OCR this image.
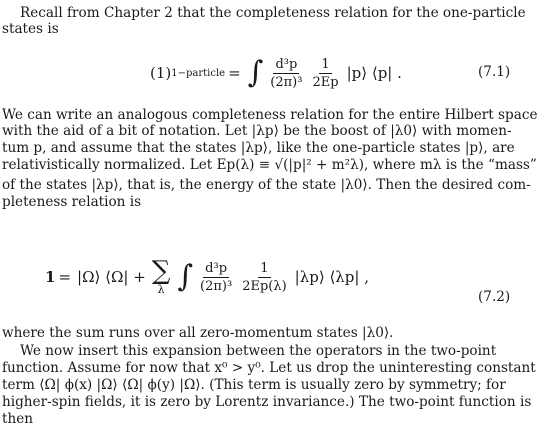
Recall from Chapter 2 that the completeness relation for the one-particle

states is

(1) 1−particle = ∫ $\frac{\text{d³p}}{\text{(2π)³}} \frac{1}{2Ep}$ |p⟩ ⟨p| .	(7.1)

We can write an analogous completeness relation for the entire Hilbert space

with the aid of a bit of notation. Let |λp⟩ be the boost of |λ0⟩ with momen-

tum p, and assume that the states |λp⟩, like the one-particle states |p⟩, are

relativistically normalized. Let Ep(λ) ≡ √(|p|² + m²λ), where mλ is the “mass”

of the states |λp⟩, that is, the energy of the state |λ0⟩. Then the desired com-

pleteness relation is

1 = |Ω⟩ ⟨Ω| + ∑
λ ∫ $\frac{\text{d³p}}{\text{(2π)³}} \frac{1}{2Ep(\lambda)}$ |λp⟩ ⟨λp| ,
(7.2)

where the sum runs over all zero-momentum states |λ0⟩.

We now insert this expansion between the operators in the two-point

function. Assume for now that x⁰ > y⁰. Let us drop the uninteresting constant

term ⟨Ω| ϕ(x) |Ω⟩ ⟨Ω| ϕ(y) |Ω⟩. (This term is usually zero by symmetry; for

higher-spin fields, it is zero by Lorentz invariance.) The two-point function is

then
